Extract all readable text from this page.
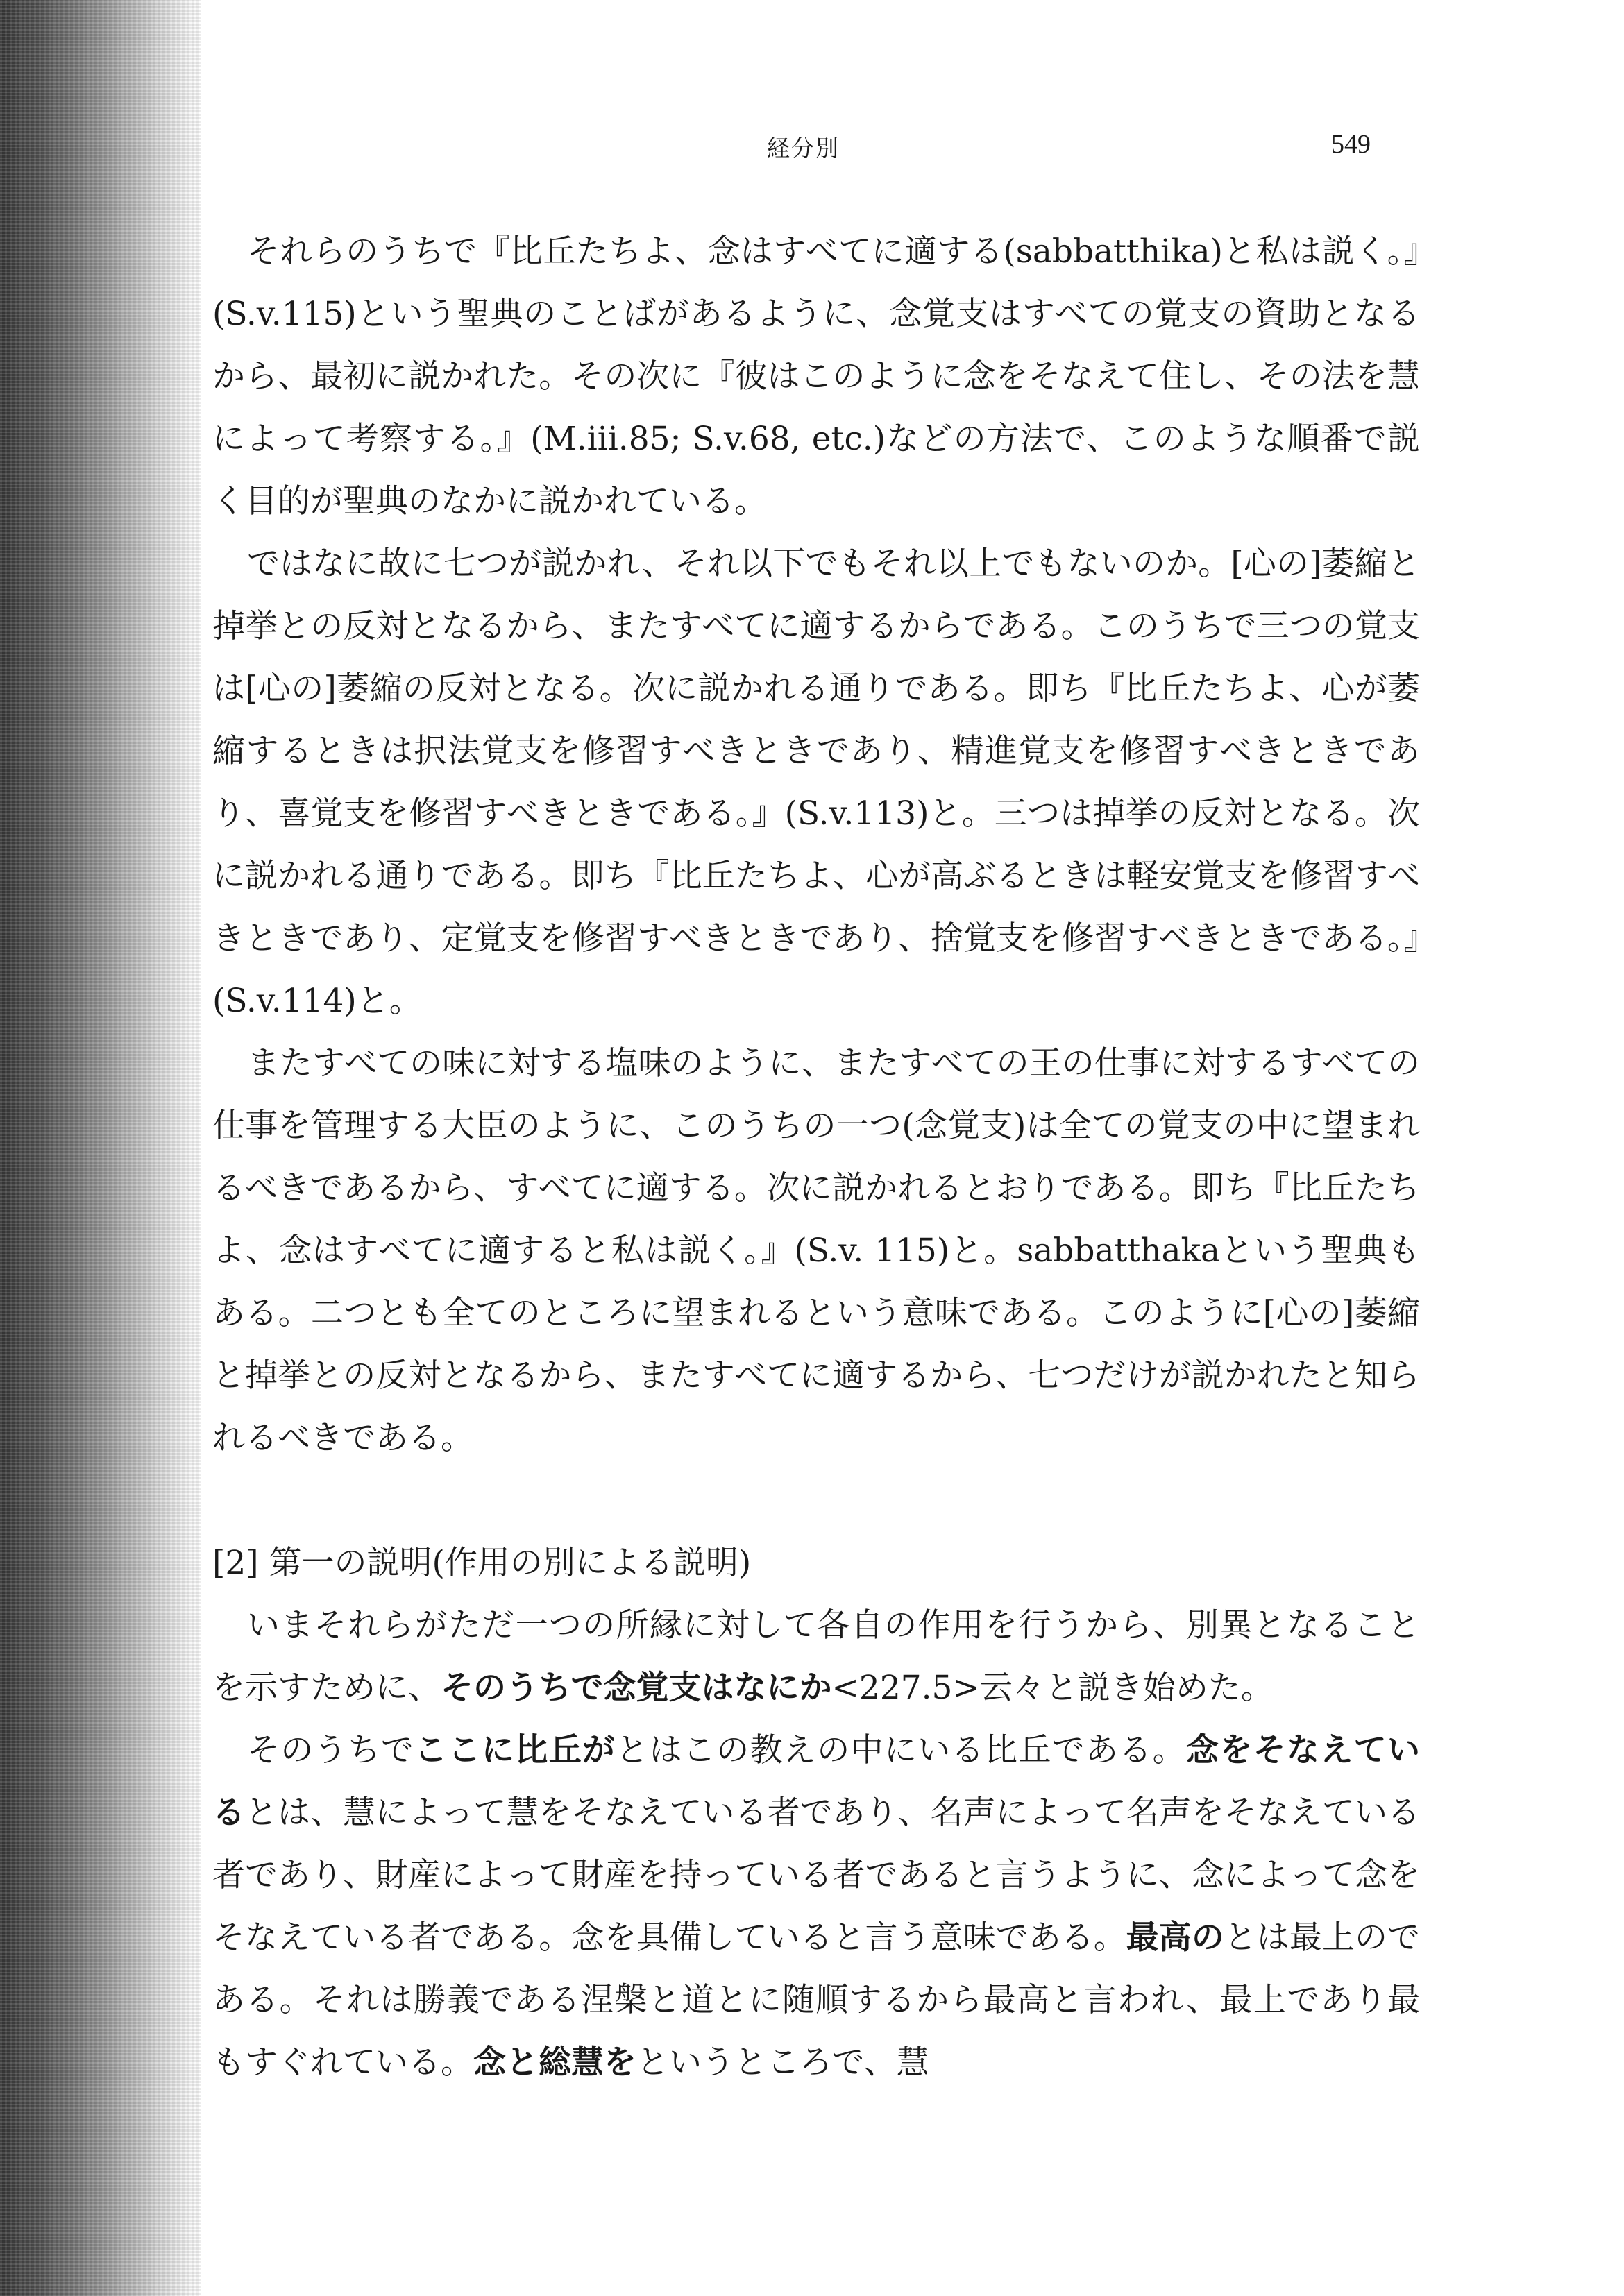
経分別	549

それらのうちで『比丘たちよ、念はすべてに適する(sabbatthika)と私は説く。』(S.v.115)という聖典のことばがあるように、念覚支はすべての覚支の資助となるから、最初に説かれた。その次に『彼はこのように念をそなえて住し、その法を慧によって考察する。』(M.iii.85; S.v.68, etc.)などの方法で、このような順番で説く目的が聖典のなかに説かれている。

ではなに故に七つが説かれ、それ以下でもそれ以上でもないのか。[心の]萎縮と掉挙との反対となるから、またすべてに適するからである。このうちで三つの覚支は[心の]萎縮の反対となる。次に説かれる通りである。即ち『比丘たちよ、心が萎縮するときは択法覚支を修習すべきときであり、精進覚支を修習すべきときであり、喜覚支を修習すべきときである。』(S.v.113)と。三つは掉挙の反対となる。次に説かれる通りである。即ち『比丘たちよ、心が高ぶるときは軽安覚支を修習すべきときであり、定覚支を修習すべきときであり、捨覚支を修習すべきときである。』(S.v.114)と。

またすべての味に対する塩味のように、またすべての王の仕事に対するすべての仕事を管理する大臣のように、このうちの一つ(念覚支)は全ての覚支の中に望まれるべきであるから、すべてに適する。次に説かれるとおりである。即ち『比丘たちよ、念はすべてに適すると私は説く。』(S.v. 115)と。sabbatthakaという聖典もある。二つとも全てのところに望まれるという意味である。このように[心の]萎縮と掉挙との反対となるから、またすべてに適するから、七つだけが説かれたと知られるべきである。

[2] 第一の説明(作用の別による説明)

いまそれらがただ一つの所縁に対して各自の作用を行うから、別異となることを示すために、そのうちで念覚支はなにか<227.5>云々と説き始めた。

そのうちでここに比丘がとはこの教えの中にいる比丘である。念をそなえているとは、慧によって慧をそなえている者であり、名声によって名声をそなえている者であり、財産によって財産を持っている者であると言うように、念によって念をそなえている者である。念を具備していると言う意味である。最高のとは最上のである。それは勝義である涅槃と道とに随順するから最高と言われ、最上であり最もすぐれている。念と総慧をというところで、慧
